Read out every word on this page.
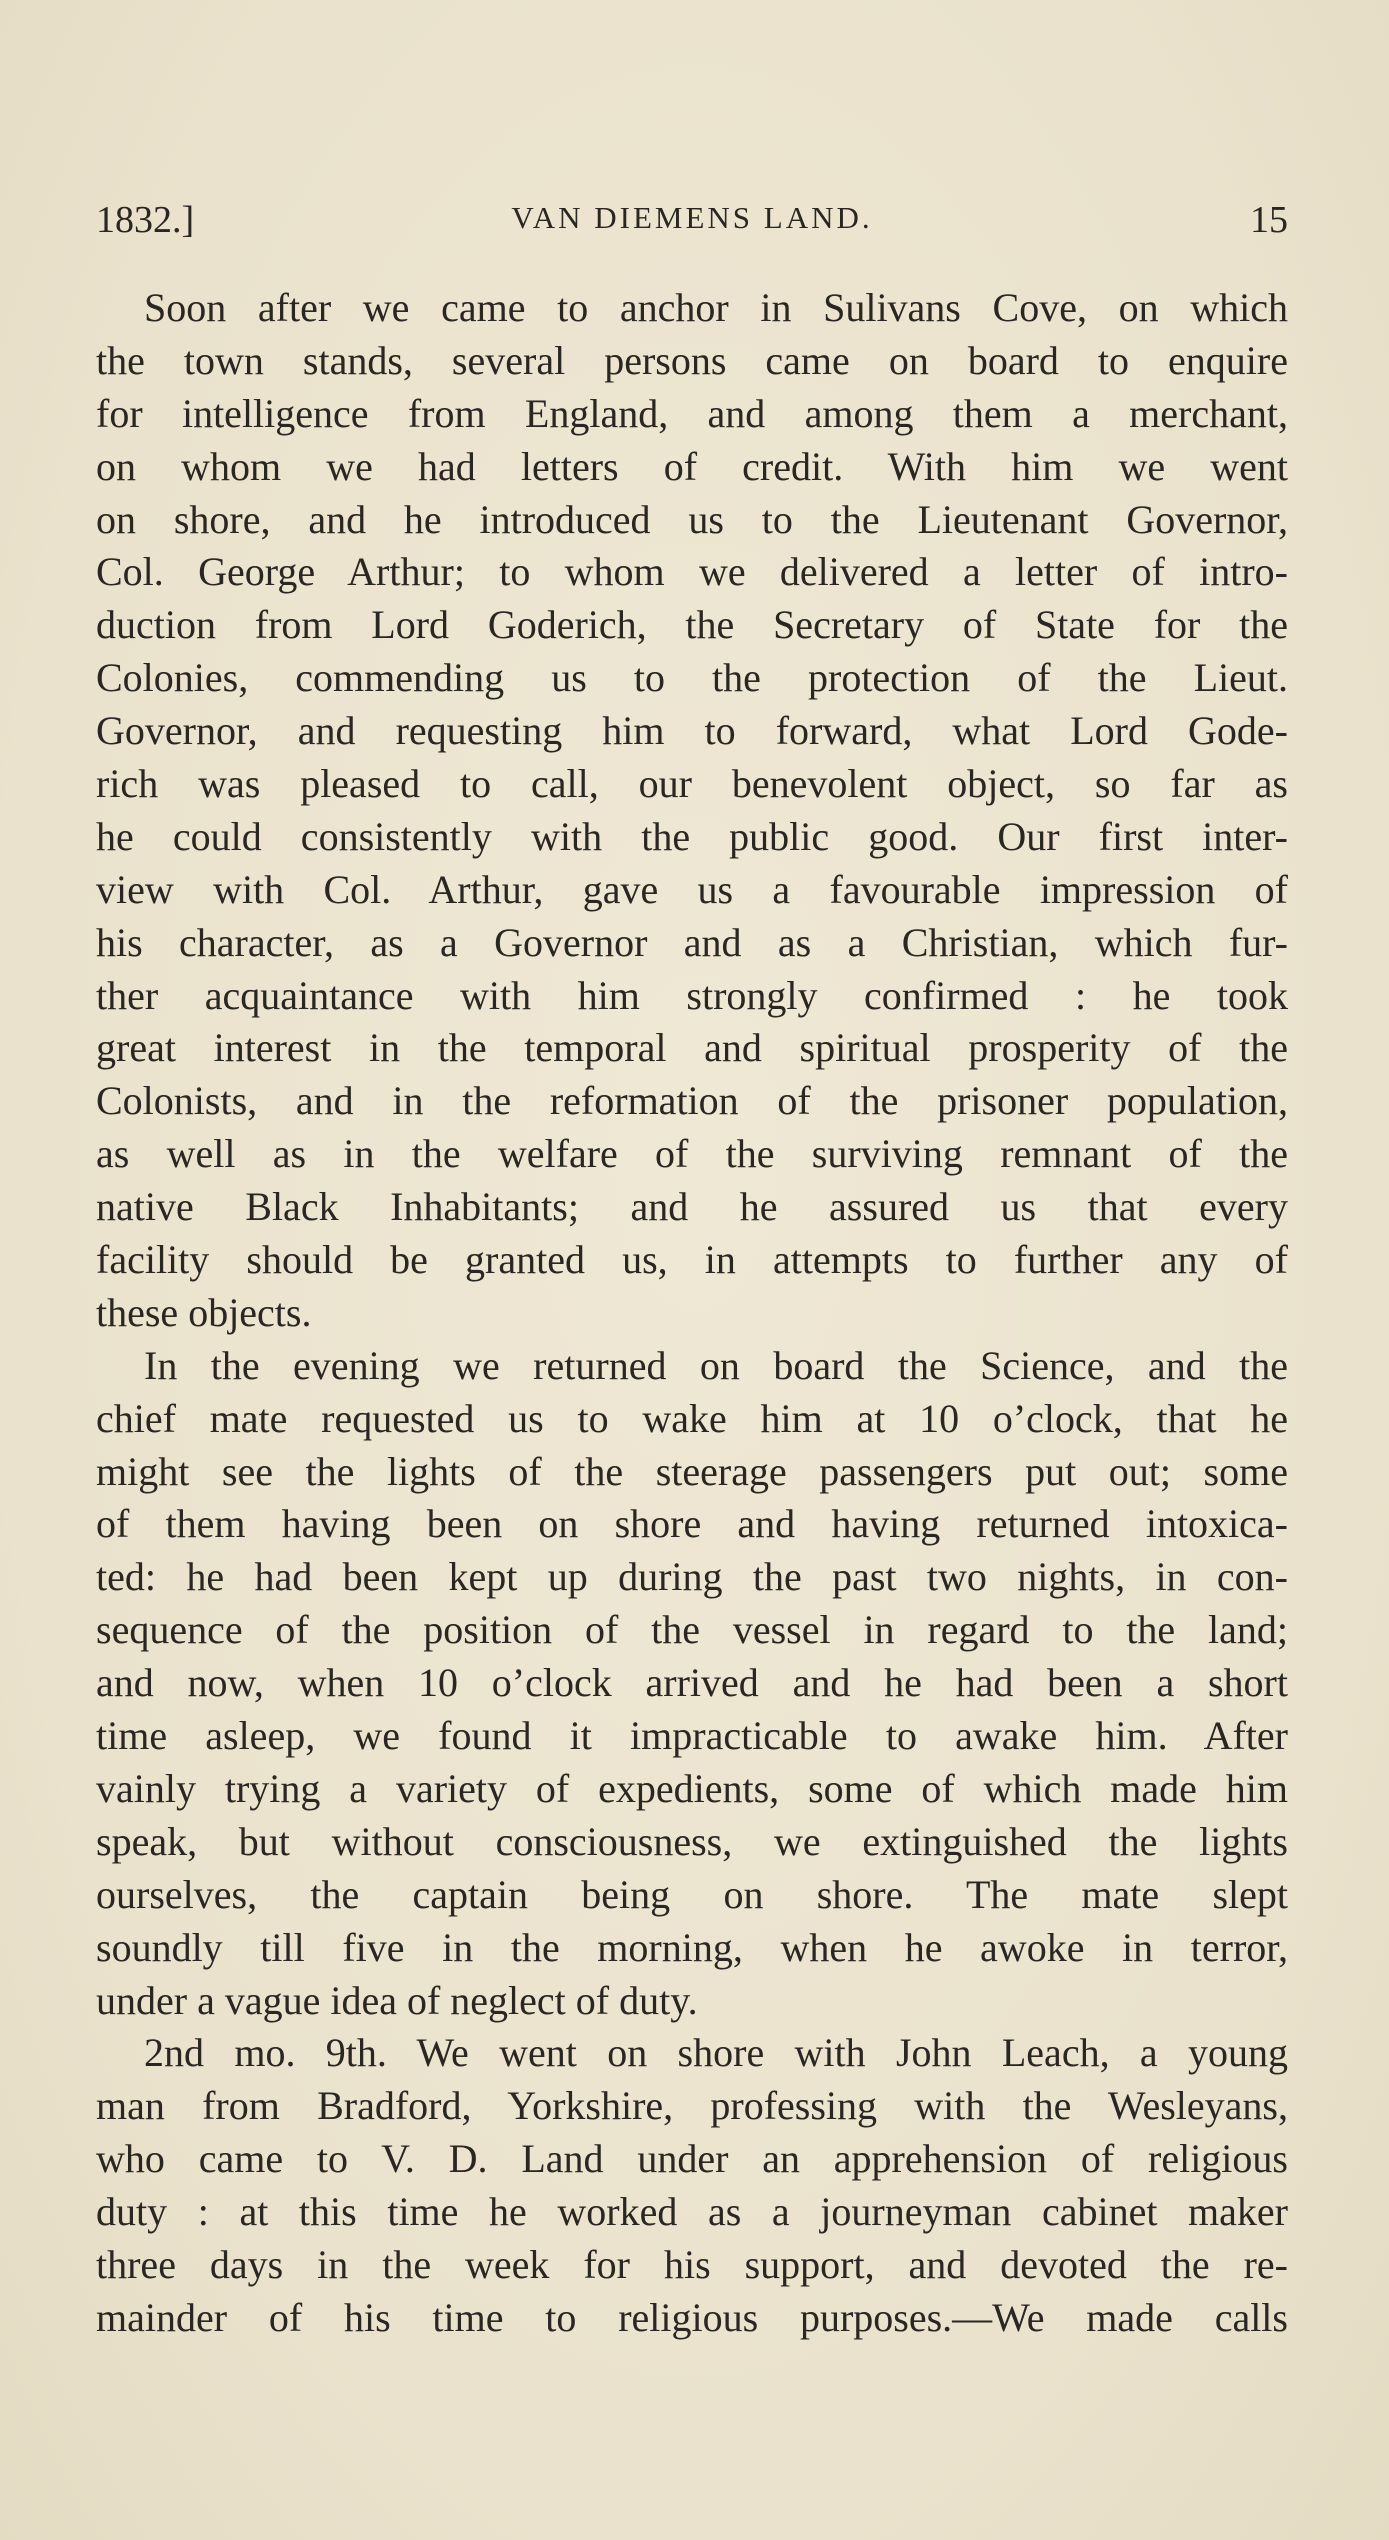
1832.]	VAN DIEMENS LAND.	15
Soon after we came to anchor in Sulivans Cove, on which
the town stands, several persons came on board to enquire
for intelligence from England, and among them a merchant,
on whom we had letters of credit. With him we went
on shore, and he introduced us to the Lieutenant Governor,
Col. George Arthur; to whom we delivered a letter of intro-
duction from Lord Goderich, the Secretary of State for the
Colonies, commending us to the protection of the Lieut.
Governor, and requesting him to forward, what Lord Gode-
rich was pleased to call, our benevolent object, so far as
he could consistently with the public good. Our first inter-
view with Col. Arthur, gave us a favourable impression of
his character, as a Governor and as a Christian, which fur-
ther acquaintance with him strongly confirmed : he took
great interest in the temporal and spiritual prosperity of the
Colonists, and in the reformation of the prisoner population,
as well as in the welfare of the surviving remnant of the
native Black Inhabitants; and he assured us that every
facility should be granted us, in attempts to further any of
these objects.
In the evening we returned on board the Science, and the
chief mate requested us to wake him at 10 o’clock, that he
might see the lights of the steerage passengers put out; some
of them having been on shore and having returned intoxica-
ted: he had been kept up during the past two nights, in con-
sequence of the position of the vessel in regard to the land;
and now, when 10 o’clock arrived and he had been a short
time asleep, we found it impracticable to awake him. After
vainly trying a variety of expedients, some of which made him
speak, but without consciousness, we extinguished the lights
ourselves, the captain being on shore. The mate slept
soundly till five in the morning, when he awoke in terror,
under a vague idea of neglect of duty.
2nd mo. 9th. We went on shore with John Leach, a young
man from Bradford, Yorkshire, professing with the Wesleyans,
who came to V. D. Land under an apprehension of religious
duty : at this time he worked as a journeyman cabinet maker
three days in the week for his support, and devoted the re-
mainder of his time to religious purposes.—We made calls
